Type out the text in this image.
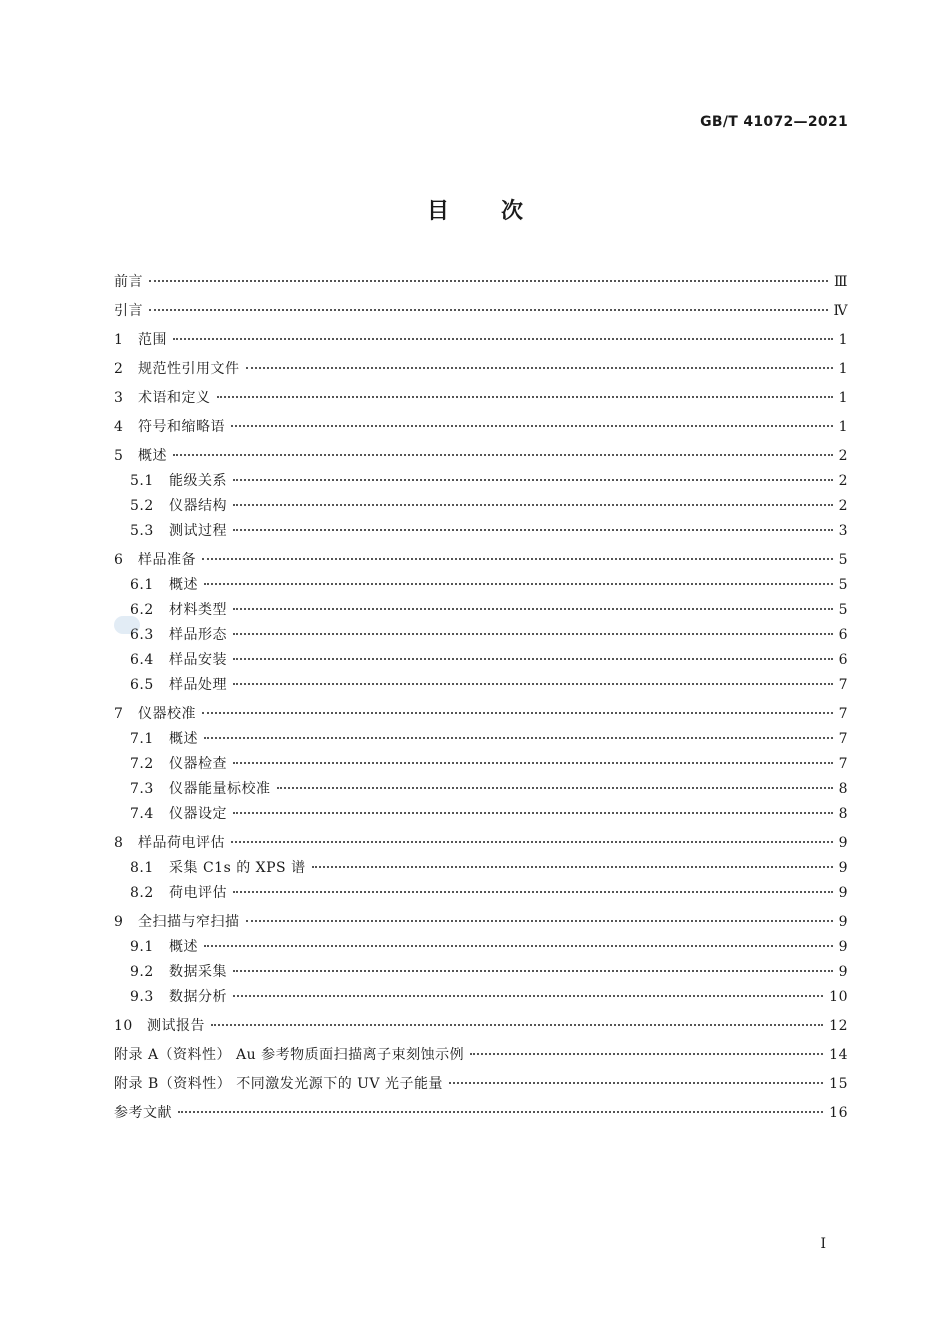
GB/T 41072—2021
目次
前言	Ⅲ
引言	Ⅳ
1	范围	1
2	规范性引用文件	1
3	术语和定义	1
4	符号和缩略语	1
5	概述	2
5.1	能级关系	2
5.2	仪器结构	2
5.3	测试过程	3
6	样品准备	5
6.1	概述	5
6.2	材料类型	5
6.3	样品形态	6
6.4	样品安装	6
6.5	样品处理	7
7	仪器校准	7
7.1	概述	7
7.2	仪器检查	7
7.3	仪器能量标校准	8
7.4	仪器设定	8
8	样品荷电评估	9
8.1	采集 C1s 的 XPS 谱	9
8.2	荷电评估	9
9	全扫描与窄扫描	9
9.1	概述	9
9.2	数据采集	9
9.3	数据分析	10
10	测试报告	12
附录 A（资料性） Au 参考物质面扫描离子束刻蚀示例	14
附录 B（资料性） 不同激发光源下的 UV 光子能量	15
参考文献	16
I
